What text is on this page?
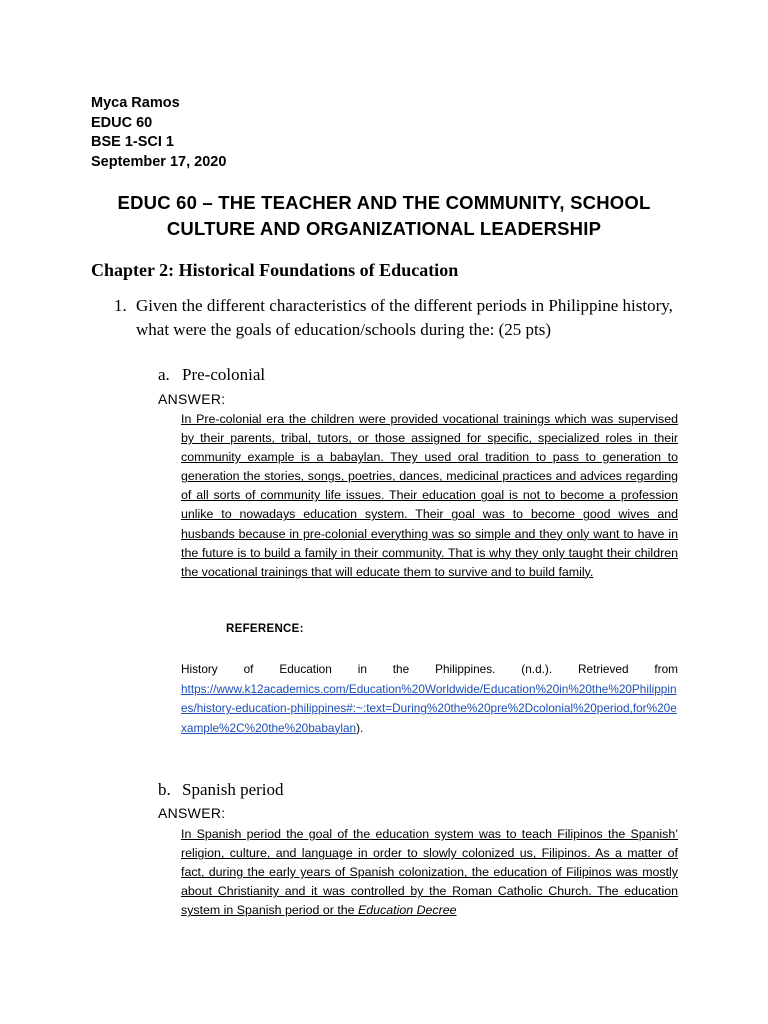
Myca Ramos
EDUC 60
BSE 1-SCI 1
September 17, 2020
EDUC 60 – THE TEACHER AND THE COMMUNITY, SCHOOL
CULTURE AND ORGANIZATIONAL LEADERSHIP
Chapter 2: Historical Foundations of Education
1. Given the different characteristics of the different periods in Philippine history, what were the goals of education/schools during the: (25 pts)
a. Pre-colonial
ANSWER:
In Pre-colonial era the children were provided vocational trainings which was supervised by their parents, tribal, tutors, or those assigned for specific, specialized roles in their community example is a babaylan. They used oral tradition to pass to generation to generation the stories, songs, poetries, dances, medicinal practices and advices regarding of all sorts of community life issues. Their education goal is not to become a profession unlike to nowadays education system. Their goal was to become good wives and husbands because in pre-colonial everything was so simple and they only want to have in the future is to build a family in their community. That is why they only taught their children the vocational trainings that will educate them to survive and to build family.
REFERENCE:
History of Education in the Philippines. (n.d.). Retrieved from
https://www.k12academics.com/Education%20Worldwide/Education%20in%20the%20Philippines/history-education-philippines#:~:text=During%20the%20pre%2Dcolonial%20period,for%20example%2C%20the%20babaylan).
b. Spanish period
ANSWER:
In Spanish period the goal of the education system was to teach Filipinos the Spanish’ religion, culture, and language in order to slowly colonized us, Filipinos. As a matter of fact, during the early years of Spanish colonization, the education of Filipinos was mostly about Christianity and it was controlled by the Roman Catholic Church. The education system in Spanish period or the Education Decree
